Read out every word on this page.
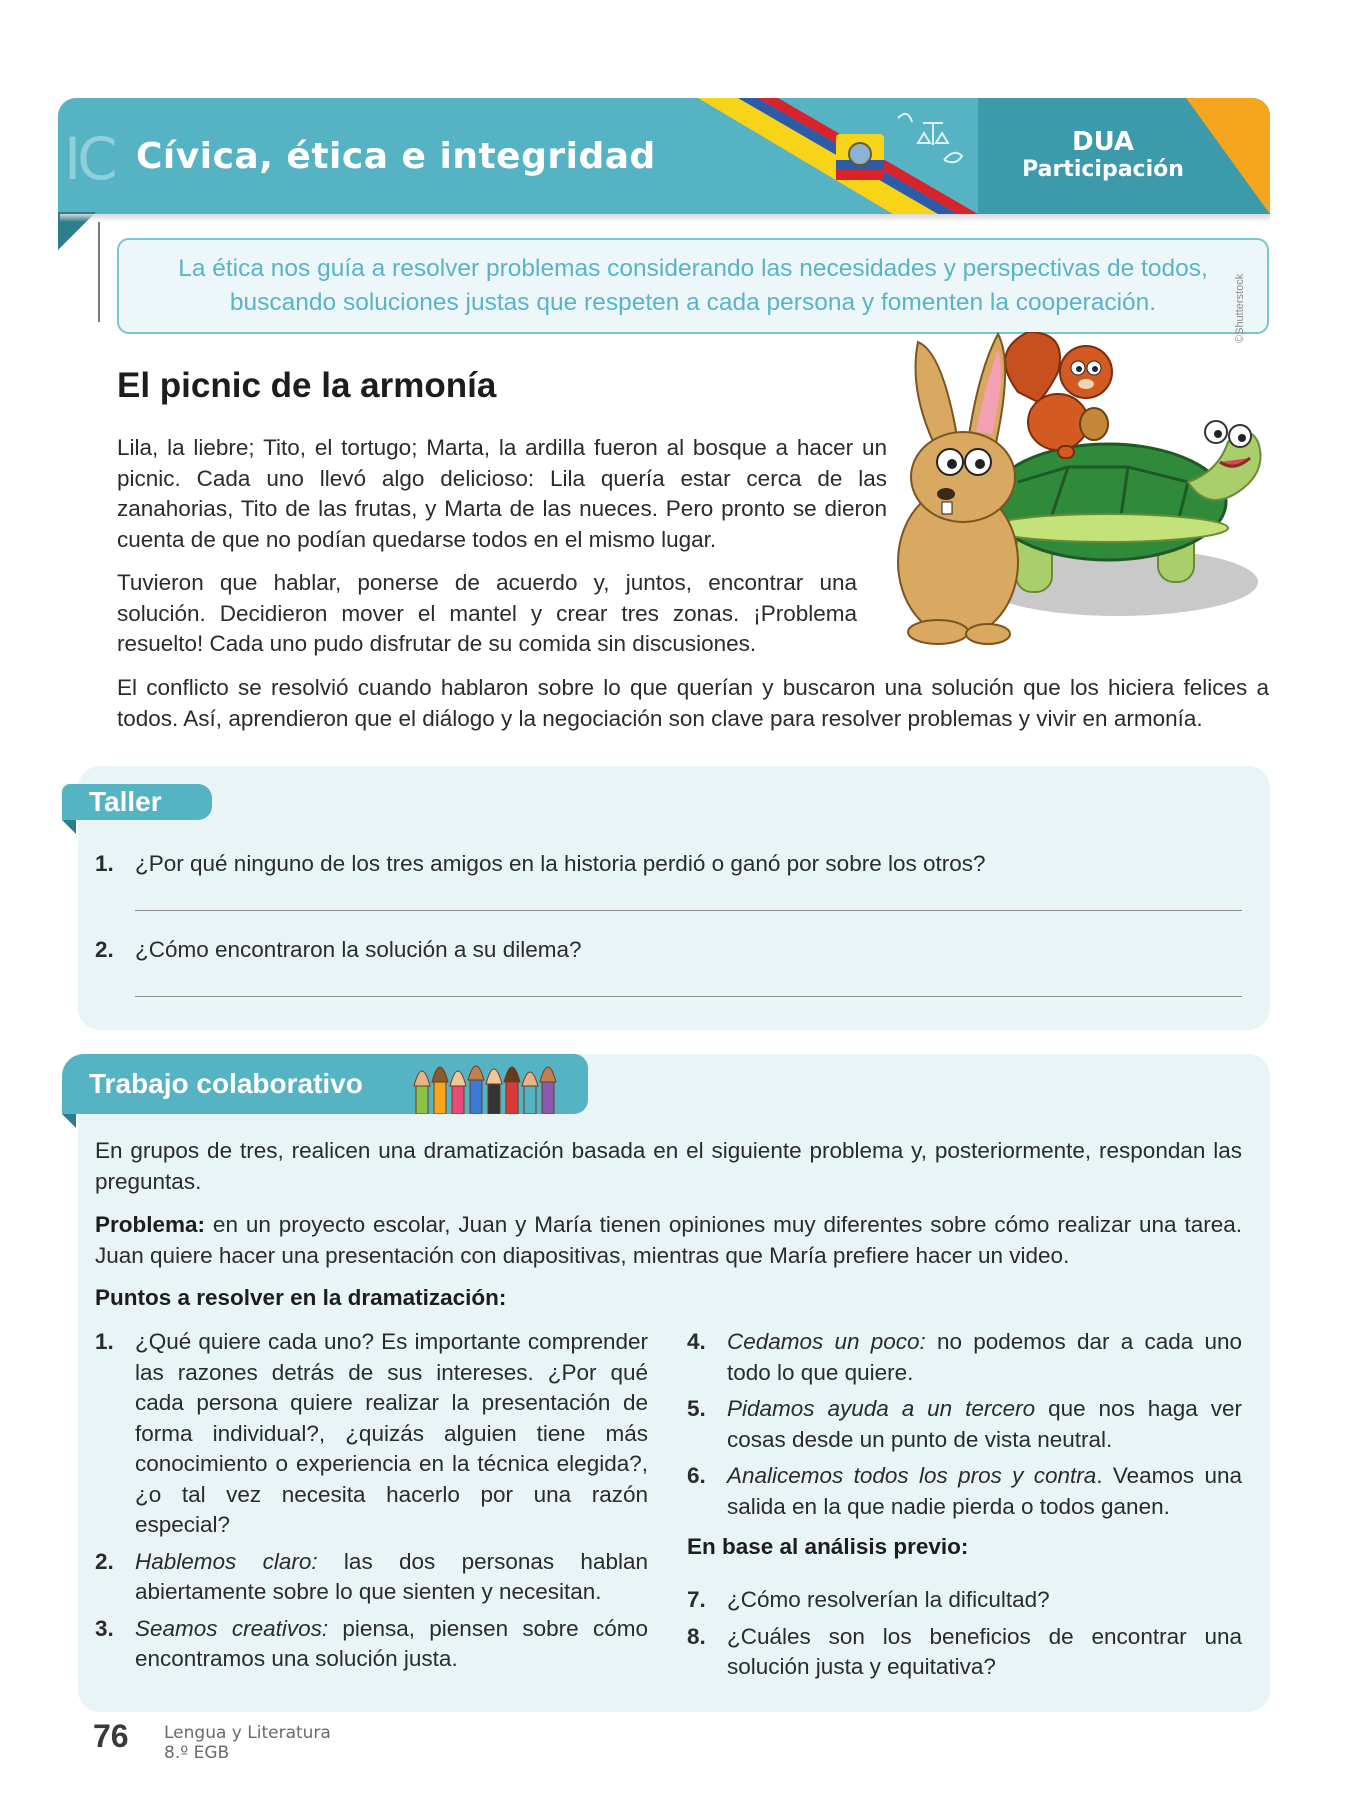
IC Cívica, ética e integridad	DUA
Participación

La ética nos guía a resolver problemas considerando las necesidades y perspectivas de todos, buscando soluciones justas que respeten a cada persona y fomenten la cooperación.

El picnic de la armonía

Lila, la liebre; Tito, el tortugo; Marta, la ardilla fueron al bosque a hacer un picnic. Cada uno llevó algo delicioso: Lila quería estar cerca de las zanahorias, Tito de las frutas, y Marta de las nueces. Pero pronto se dieron cuenta de que no podían quedarse todos en el mismo lugar.

Tuvieron que hablar, ponerse de acuerdo y, juntos, encontrar una solución. Decidieron mover el mantel y crear tres zonas. ¡Problema resuelto! Cada uno pudo disfrutar de su comida sin discusiones.

El conflicto se resolvió cuando hablaron sobre lo que querían y buscaron una solución que los hiciera felices a todos. Así, aprendieron que el diálogo y la negociación son clave para resolver problemas y vivir en armonía.

©Shutterstock
Taller
1. ¿Por qué ninguno de los tres amigos en la historia perdió o ganó por sobre los otros?
2. ¿Cómo encontraron la solución a su dilema?
Trabajo colaborativo

En grupos de tres, realicen una dramatización basada en el siguiente problema y, posteriormente, respondan las preguntas.

Problema: en un proyecto escolar, Juan y María tienen opiniones muy diferentes sobre cómo realizar una tarea. Juan quiere hacer una presentación con diapositivas, mientras que María prefiere hacer un video.

Puntos a resolver en la dramatización:

1. ¿Qué quiere cada uno? Es importante comprender las razones detrás de sus intereses. ¿Por qué cada persona quiere realizar la presentación de forma individual?, ¿quizás alguien tiene más conocimiento o experiencia en la técnica elegida?, ¿o tal vez necesita hacerlo por una razón especial?
2. Hablemos claro: las dos personas hablan abiertamente sobre lo que sienten y necesitan.
3. Seamos creativos: piensa, piensen sobre cómo encontramos una solución justa.
4. Cedamos un poco: no podemos dar a cada uno todo lo que quiere.
5. Pidamos ayuda a un tercero que nos haga ver cosas desde un punto de vista neutral.
6. Analicemos todos los pros y contra. Veamos una salida en la que nadie pierda o todos ganen.

En base al análisis previo:

7. ¿Cómo resolverían la dificultad?
8. ¿Cuáles son los beneficios de encontrar una solución justa y equitativa?
76 Lengua y Literatura
8.º EGB
